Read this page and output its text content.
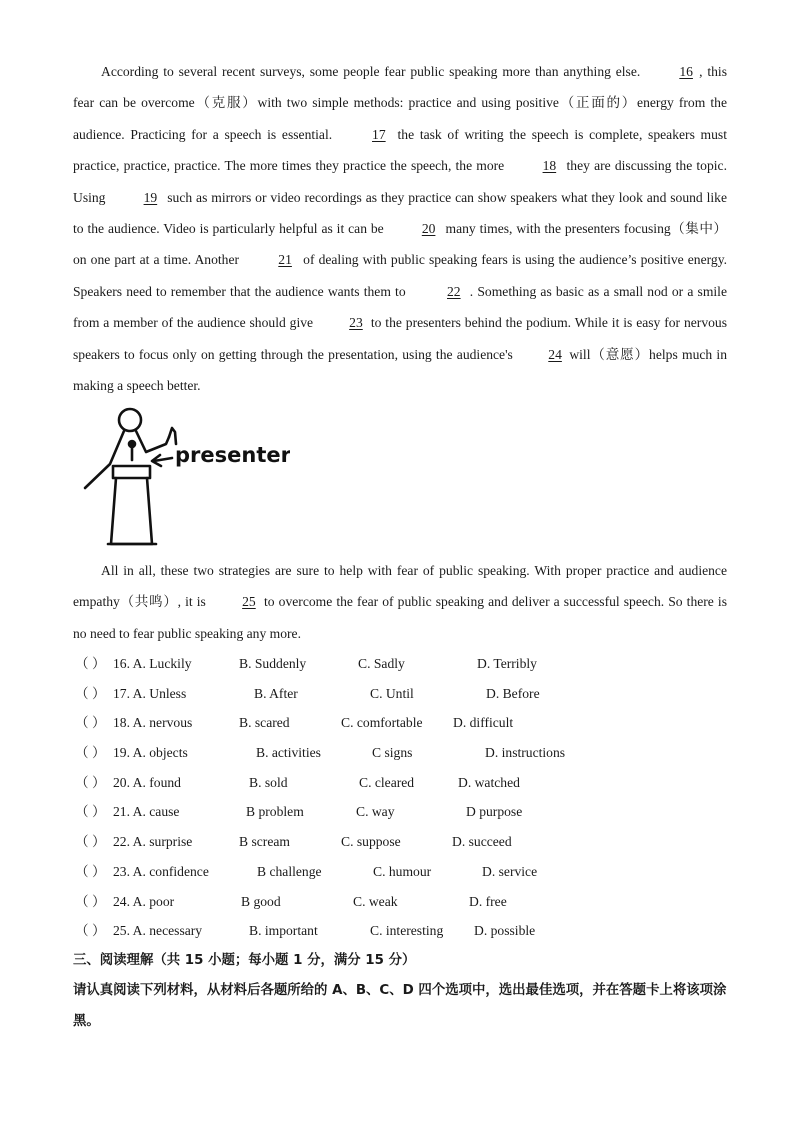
According to several recent surveys, some people fear public speaking more than anything else.	16 , this fear can be overcome（克服）with two simple methods: practice and using positive（正面的）energy from the audience. Practicing for a speech is essential.	17 the task of writing the speech is complete, speakers must practice, practice, practice. The more times they practice the speech, the more	18 they are discussing the topic. Using	19 such as mirrors or video recordings as they practice can show speakers what they look and sound like to the audience. Video is particularly helpful as it can be	20 many times, with the presenters focusing（集中）on one part at a time. Another	21 of dealing with public speaking fears is using the audience’s positive energy. Speakers need to remember that the audience wants them to	22 . Something as basic as a small nod or a smile from a member of the audience should give 23 to the presenters behind the podium. While it is easy for nervous speakers to focus only on getting through the presentation, using the audience's 24 will（意愿）helps much in making a speech better.

presenter

All in all, these two strategies are sure to help with fear of public speaking. With proper practice and audience empathy（共鸣）, it is 25 to overcome the fear of public speaking and deliver a successful speech. So there is no need to fear public speaking any more.

（ ） 16. A. Luckily	B. Suddenly	C. Sadly	D. Terribly
（ ） 17. A. Unless	B. After	C. Until	D. Before
（ ） 18. A. nervous	B. scared	C. comfortable D. difficult
（ ） 19. A. objects	B. activities	C signs	D. instructions
（ ） 20. A. found	B. sold	C. cleared	D. watched
（ ） 21. A. cause	B problem	C. way	D purpose
（ ） 22. A. surprise	B scream	C. suppose	D. succeed
（ ） 23. A. confidence	B challenge	C. humour	D. service
（ ） 24. A. poor	B good	C. weak	D. free
（ ） 25. A. necessary	B. important	C. interesting D. possible
三、阅读理解（共 15 小题；每小题 1 分，满分 15 分）
请认真阅读下列材料，从材料后各题所给的 A、B、C、D 四个选项中，选出最佳选项，并在答题卡上将该项涂黑。
